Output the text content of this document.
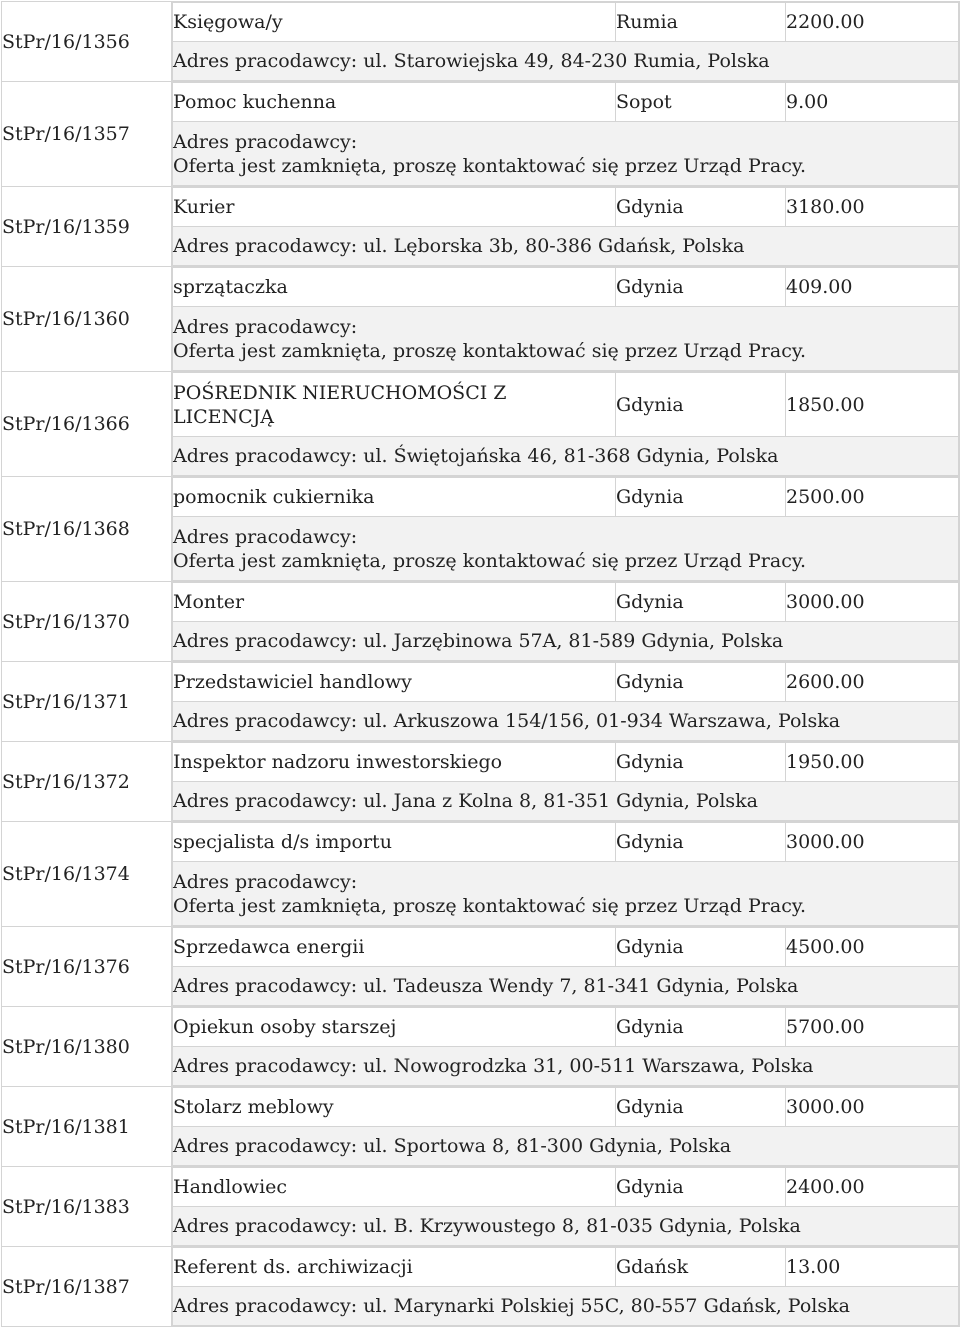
StPr/16/1356	
Księgowa/y	Rumia	2200.00
Adres pracodawcy: ul. Starowiejska 49, 84-230 Rumia, Polska

StPr/16/1357	
Pomoc kuchenna	Sopot	9.00
Adres pracodawcy:
Oferta jest zamknięta, proszę kontaktować się przez Urząd Pracy.

StPr/16/1359	
Kurier	Gdynia	3180.00
Adres pracodawcy: ul. Lęborska 3b, 80-386 Gdańsk, Polska

StPr/16/1360	
sprzątaczka	Gdynia	409.00
Adres pracodawcy:
Oferta jest zamknięta, proszę kontaktować się przez Urząd Pracy.

StPr/16/1366	
POŚREDNIK NIERUCHOMOŚCI Z LICENCJĄ	Gdynia	1850.00
Adres pracodawcy: ul. Świętojańska 46, 81-368 Gdynia, Polska

StPr/16/1368	
pomocnik cukiernika	Gdynia	2500.00
Adres pracodawcy:
Oferta jest zamknięta, proszę kontaktować się przez Urząd Pracy.

StPr/16/1370	
Monter	Gdynia	3000.00
Adres pracodawcy: ul. Jarzębinowa 57A, 81-589 Gdynia, Polska

StPr/16/1371	
Przedstawiciel handlowy	Gdynia	2600.00
Adres pracodawcy: ul. Arkuszowa 154/156, 01-934 Warszawa, Polska

StPr/16/1372	
Inspektor nadzoru inwestorskiego	Gdynia	1950.00
Adres pracodawcy: ul. Jana z Kolna 8, 81-351 Gdynia, Polska

StPr/16/1374	
specjalista d/s importu	Gdynia	3000.00
Adres pracodawcy:
Oferta jest zamknięta, proszę kontaktować się przez Urząd Pracy.

StPr/16/1376	
Sprzedawca energii	Gdynia	4500.00
Adres pracodawcy: ul. Tadeusza Wendy 7, 81-341 Gdynia, Polska

StPr/16/1380	
Opiekun osoby starszej	Gdynia	5700.00
Adres pracodawcy: ul. Nowogrodzka 31, 00-511 Warszawa, Polska

StPr/16/1381	
Stolarz meblowy	Gdynia	3000.00
Adres pracodawcy: ul. Sportowa 8, 81-300 Gdynia, Polska

StPr/16/1383	
Handlowiec	Gdynia	2400.00
Adres pracodawcy: ul. B. Krzywoustego 8, 81-035 Gdynia, Polska

StPr/16/1387	
Referent ds. archiwizacji	Gdańsk	13.00
Adres pracodawcy: ul. Marynarki Polskiej 55C, 80-557 Gdańsk, Polska
